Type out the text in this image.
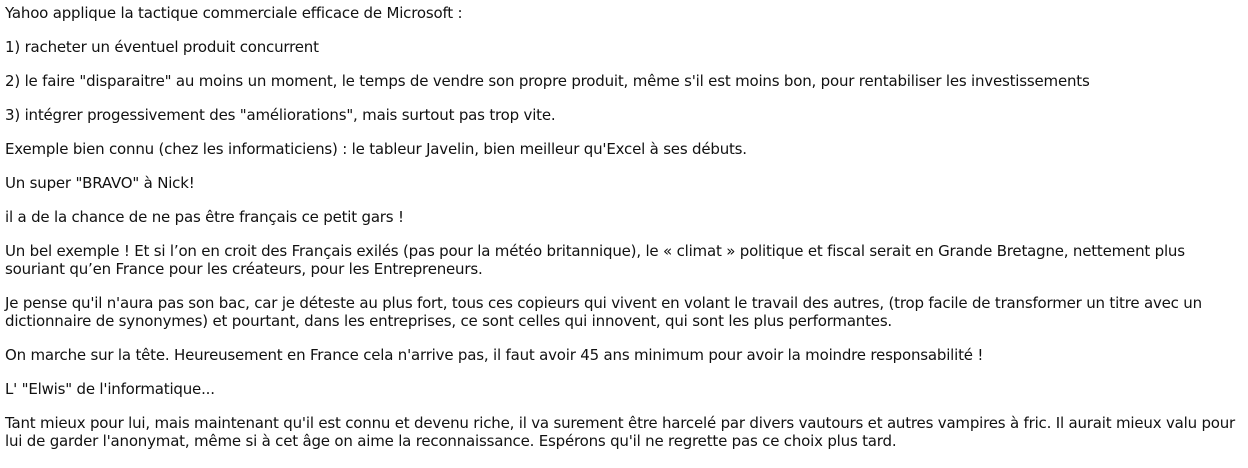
Yahoo applique la tactique commerciale efficace de Microsoft :

1) racheter un éventuel produit concurrent

2) le faire "disparaitre" au moins un moment, le temps de vendre son propre produit, même s'il est moins bon, pour rentabiliser les investissements

3) intégrer progessivement des "améliorations", mais surtout pas trop vite.

Exemple bien connu (chez les informaticiens) : le tableur Javelin, bien meilleur qu'Excel à ses débuts.

Un super "BRAVO" à Nick!

il a de la chance de ne pas être français ce petit gars !

Un bel exemple ! Et si l’on en croit des Français exilés (pas pour la météo britannique), le « climat » politique et fiscal serait en Grande Bretagne, nettement plus souriant qu’en France pour les créateurs, pour les Entrepreneurs.

Je pense qu'il n'aura pas son bac, car je déteste au plus fort, tous ces copieurs qui vivent en volant le travail des autres, (trop facile de transformer un titre avec un dictionnaire de synonymes) et pourtant, dans les entreprises, ce sont celles qui innovent, qui sont les plus performantes.

On marche sur la tête. Heureusement en France cela n'arrive pas, il faut avoir 45 ans minimum pour avoir la moindre responsabilité !

L' "Elwis" de l'informatique...

Tant mieux pour lui, mais maintenant qu'il est connu et devenu riche, il va surement être harcelé par divers vautours et autres vampires à fric. Il aurait mieux valu pour lui de garder l'anonymat, même si à cet âge on aime la reconnaissance. Espérons qu'il ne regrette pas ce choix plus tard.
